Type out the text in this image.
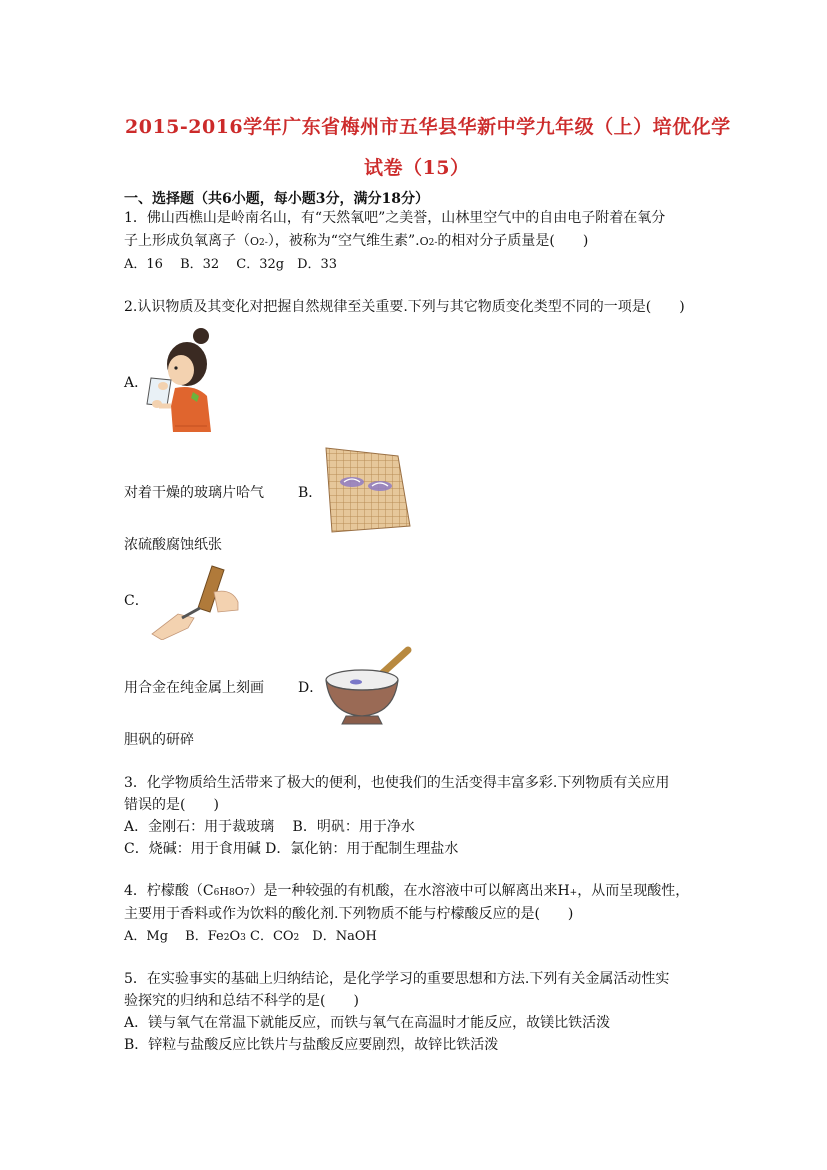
2015-2016学年广东省梅州市五华县华新中学九年级（上）培优化学
试卷（15）
一、选择题（共6小题，每小题3分，满分18分）
1．佛山西樵山是岭南名山，有“天然氧吧”之美誉，山林里空气中的自由电子附着在氧分
子上形成负氧离子（O2-），被称为“空气维生素”.O2-的相对分子质量是(　　)
A．16　 B．32　 C．32g　D．33
2.认识物质及其变化对把握自然规律至关重要.下列与其它物质变化类型不同的一项是(　　)
A．
对着干燥的玻璃片哈气 B．
浓硫酸腐蚀纸张
C．
用合金在纯金属上刻画 D．
胆矾的研碎
3．化学物质给生活带来了极大的便利，也使我们的生活变得丰富多彩.下列物质有关应用
错误的是(　　)
A．金刚石：用于裁玻璃　 B．明矾：用于净水
C．烧碱：用于食用碱 D．氯化钠：用于配制生理盐水
4．柠檬酸（C6H8O7）是一种较强的有机酸，在水溶液中可以解离出来H+，从而呈现酸性，
主要用于香料或作为饮料的酸化剂.下列物质不能与柠檬酸反应的是(　　)
A．Mg　 B．Fe2O3 C．CO2　D．NaOH
5．在实验事实的基础上归纳结论，是化学学习的重要思想和方法.下列有关金属活动性实
验探究的归纳和总结不科学的是(　　)
A．镁与氧气在常温下就能反应，而铁与氧气在高温时才能反应，故镁比铁活泼
B．锌粒与盐酸反应比铁片与盐酸反应要剧烈，故锌比铁活泼
